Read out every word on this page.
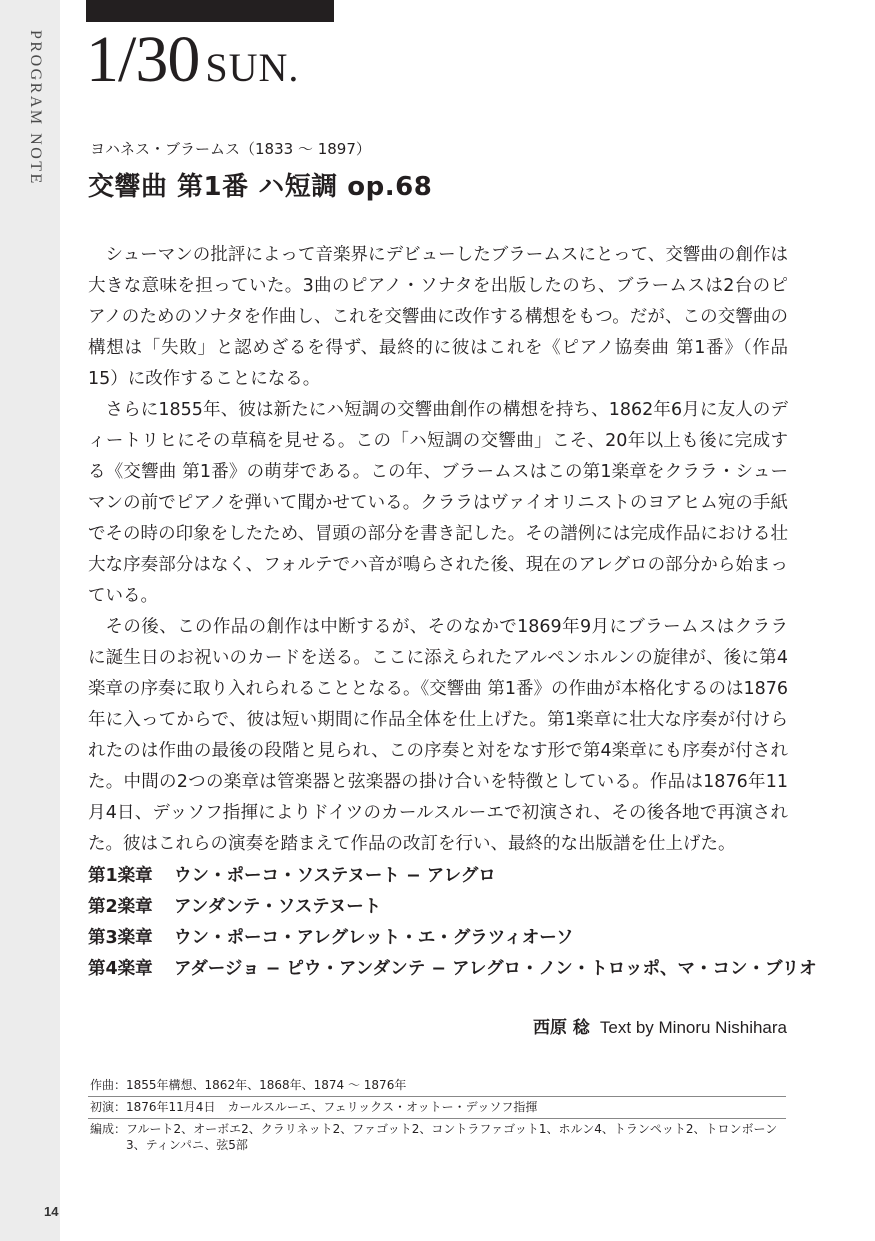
PROGRAM NOTE
14
1/30 SUN.
ヨハネス・ブラームス（1833 〜 1897）
交響曲 第1番 ハ短調 op.68

シューマンの批評によって音楽界にデビューしたブラームスにとって、交響曲の創作は大きな意味を担っていた。3曲のピアノ・ソナタを出版したのち、ブラームスは2台のピアノのためのソナタを作曲し、これを交響曲に改作する構想をもつ。だが、この交響曲の構想は「失敗」と認めざるを得ず、最終的に彼はこれを《ピアノ協奏曲 第1番》（作品15）に改作することになる。

さらに1855年、彼は新たにハ短調の交響曲創作の構想を持ち、1862年6月に友人のディートリヒにその草稿を見せる。この「ハ短調の交響曲」こそ、20年以上も後に完成する《交響曲 第1番》の萌芽である。この年、ブラームスはこの第1楽章をクララ・シューマンの前でピアノを弾いて聞かせている。クララはヴァイオリニストのヨアヒム宛の手紙でその時の印象をしたため、冒頭の部分を書き記した。その譜例には完成作品における壮大な序奏部分はなく、フォルテでハ音が鳴らされた後、現在のアレグロの部分から始まっている。

その後、この作品の創作は中断するが、そのなかで1869年9月にブラームスはクララに誕生日のお祝いのカードを送る。ここに添えられたアルペンホルンの旋律が、後に第4楽章の序奏に取り入れられることとなる。《交響曲 第1番》の作曲が本格化するのは1876年に入ってからで、彼は短い期間に作品全体を仕上げた。第1楽章に壮大な序奏が付けられたのは作曲の最後の段階と見られ、この序奏と対をなす形で第4楽章にも序奏が付された。中間の2つの楽章は管楽器と弦楽器の掛け合いを特徴としている。作品は1876年11月4日、デッソフ指揮によりドイツのカールスルーエで初演され、その後各地で再演された。彼はこれらの演奏を踏まえて作品の改訂を行い、最終的な出版譜を仕上げた。

第1楽章 ウン・ポーコ・ソステヌート − アレグロ
第2楽章 アンダンテ・ソステヌート
第3楽章 ウン・ポーコ・アレグレット・エ・グラツィオーソ
第4楽章 アダージョ − ピウ・アンダンテ − アレグロ・ノン・トロッポ、マ・コン・ブリオ
西原 稔 Text by Minoru Nishihara
作曲：1855年構想、1862年、1868年、1874 〜 1876年
初演：1876年11月4日　カールスルーエ、フェリックス・オットー・デッソフ指揮
編成： フルート2、オーボエ2、クラリネット2、ファゴット2、コントラファゴット1、ホルン4、トランペット2、トロンボーン3、ティンパニ、弦5部
